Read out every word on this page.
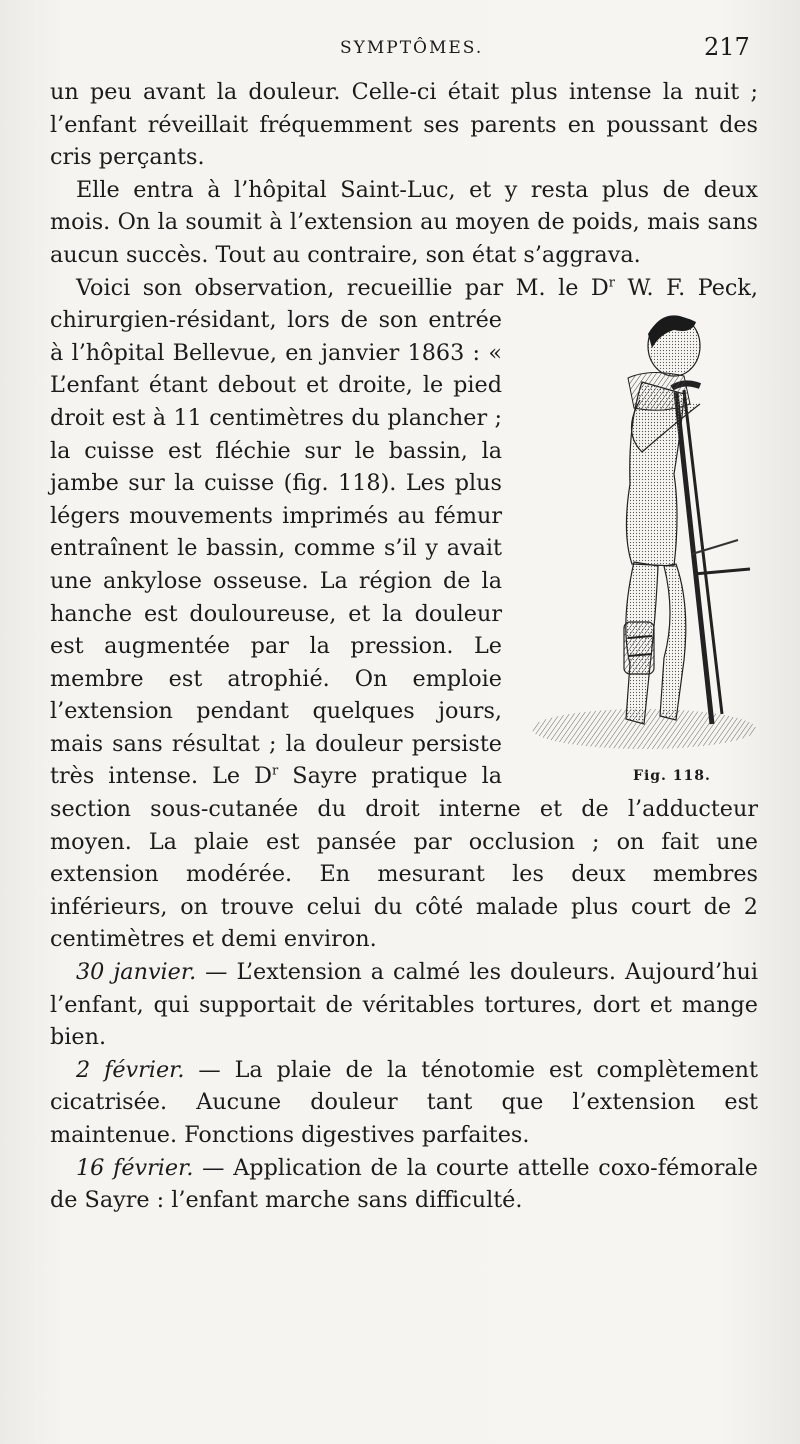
SYMPTÔMES.	217

un peu avant la douleur. Celle-ci était plus intense la nuit ; l’enfant réveillait fréquemment ses parents en poussant des cris perçants.

Elle entra à l’hôpital Saint-Luc, et y resta plus de deux mois. On la soumit à l’extension au moyen de poids, mais sans aucun succès. Tout au contraire, son état s’aggrava.

Voici son observation, recueillie par M. le $D^r$
Fig. 118.
W. F. Peck, chirurgien-résidant, lors de son entrée à l’hôpital Bellevue, en janvier 1863 : « L’enfant étant debout et droite, le pied droit est à 11 centimètres du plancher ; la cuisse est fléchie sur le bassin, la jambe sur la cuisse (fig. 118). Les plus légers mouvements imprimés au fémur entraînent le bassin, comme s’il y avait une ankylose osseuse. La région de la hanche est douloureuse, et la douleur est augmentée par la pression. Le membre est atrophié. On emploie l’extension pendant quelques jours, mais sans résultat ; la douleur persiste très intense. Le $D^r$ Sayre pratique la section sous-cutanée du droit interne et de l’adducteur moyen. La plaie est pansée par occlusion ; on fait une extension modérée. En mesurant les deux membres inférieurs, on trouve celui du côté malade plus court de 2 centimètres et demi environ.

30 janvier. — L’extension a calmé les douleurs. Aujourd’hui l’enfant, qui supportait de véritables tortures, dort et mange bien.

2 février. — La plaie de la ténotomie est complètement cicatrisée. Aucune douleur tant que l’extension est maintenue. Fonctions digestives parfaites.

16 février. — Application de la courte attelle coxo-fémorale de Sayre : l’enfant marche sans difficulté.
